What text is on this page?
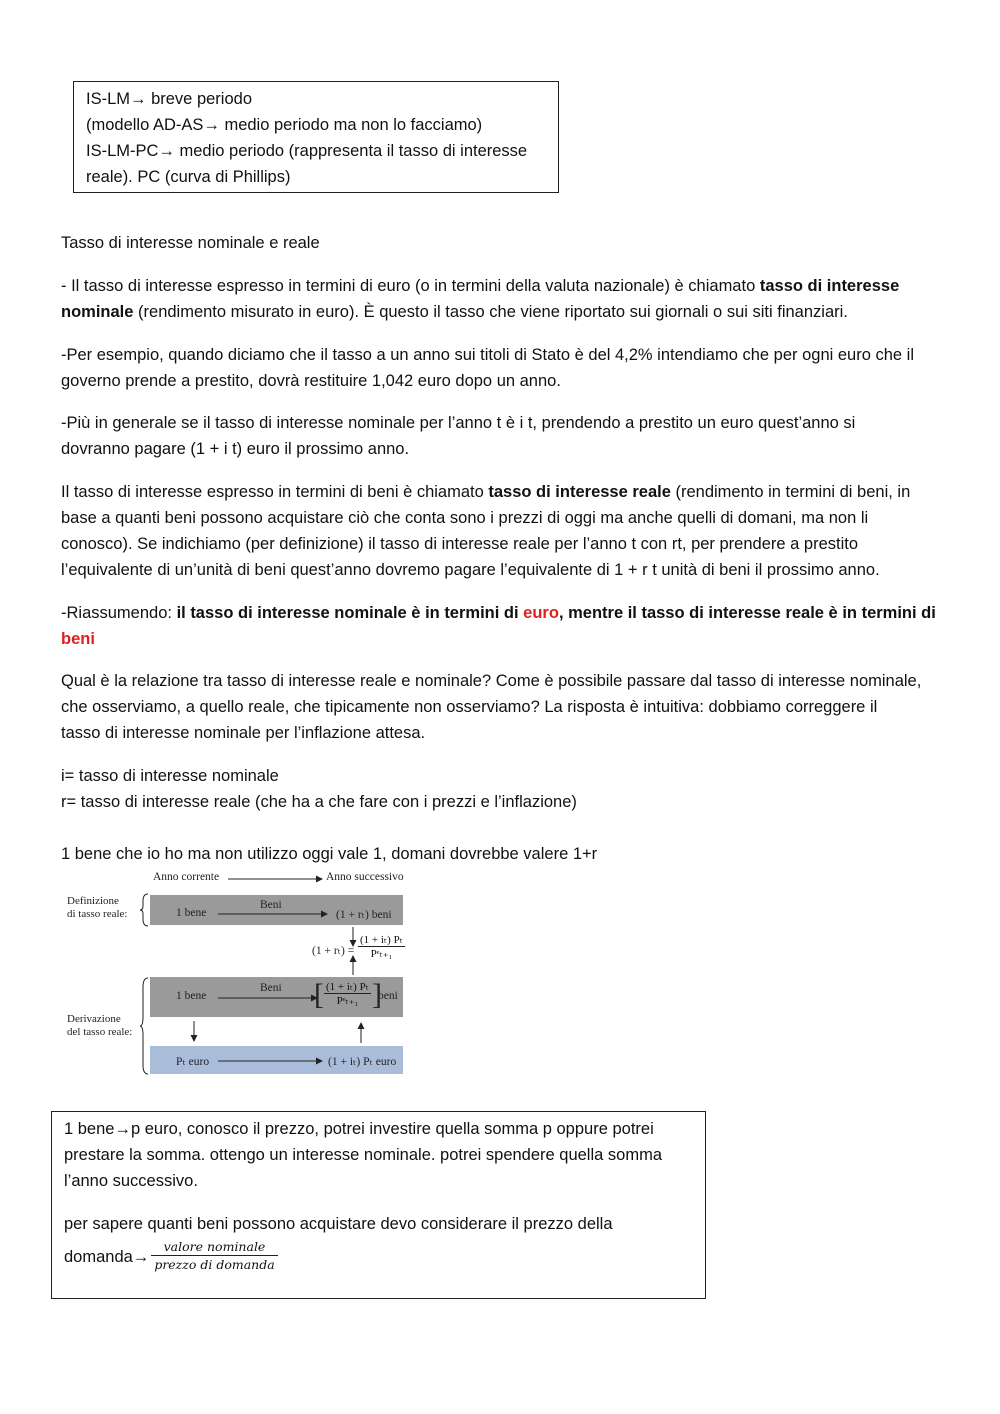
IS-LM→ breve periodo
(modello AD-AS→ medio periodo ma non lo facciamo)
IS-LM-PC→ medio periodo (rappresenta il tasso di interesse
reale). PC (curva di Phillips)
Tasso di interesse nominale e reale
- Il tasso di interesse espresso in termini di euro (o in termini della valuta nazionale) è chiamato tasso di interesse
nominale (rendimento misurato in euro). È questo il tasso che viene riportato sui giornali o sui siti finanziari.
-Per esempio, quando diciamo che il tasso a un anno sui titoli di Stato è del 4,2% intendiamo che per ogni euro che il
governo prende a prestito, dovrà restituire 1,042 euro dopo un anno.
-Più in generale se il tasso di interesse nominale per l’anno t è i t, prendendo a prestito un euro quest’anno si
dovranno pagare (1 + i t) euro il prossimo anno.
Il tasso di interesse espresso in termini di beni è chiamato tasso di interesse reale (rendimento in termini di beni, in
base a quanti beni possono acquistare ciò che conta sono i prezzi di oggi ma anche quelli di domani, ma non li
conosco). Se indichiamo (per definizione) il tasso di interesse reale per l’anno t con rt, per prendere a prestito
l’equivalente di un’unità di beni quest’anno dovremo pagare l’equivalente di 1 + r t unità di beni il prossimo anno.
-Riassumendo: il tasso di interesse nominale è in termini di euro, mentre il tasso di interesse reale è in termini di
beni
Qual è la relazione tra tasso di interesse reale e nominale? Come è possibile passare dal tasso di interesse nominale,
che osserviamo, a quello reale, che tipicamente non osserviamo? La risposta è intuitiva: dobbiamo correggere il
tasso di interesse nominale per l’inflazione attesa.
i= tasso di interesse nominale
r= tasso di interesse reale (che ha a che fare con i prezzi e l’inflazione)
1 bene che io ho ma non utilizzo oggi vale 1, domani dovrebbe valere 1+r
Anno corrente	Anno successivo
Definizione
di tasso reale:	1 bene
Beni
(1 + rₜ) beni
(1 + rₜ) =
(1 + iₜ) Pₜ
Pᵉₜ₊₁
Derivazione
del tasso reale:
1 bene
Beni [ (1 + iₜ) Pₜ
Pᵉₜ₊₁ ]
beni
Pₜ euro	(1 + iₜ) Pₜ euro
1 bene→p euro, conosco il prezzo, potrei investire quella somma p oppure potrei
prestare la somma. ottengo un interesse nominale. potrei spendere quella somma
l’anno successivo.
per sapere quanti beni possono acquistare devo considerare il prezzo della
domanda→
valore nominale
prezzo di domanda
